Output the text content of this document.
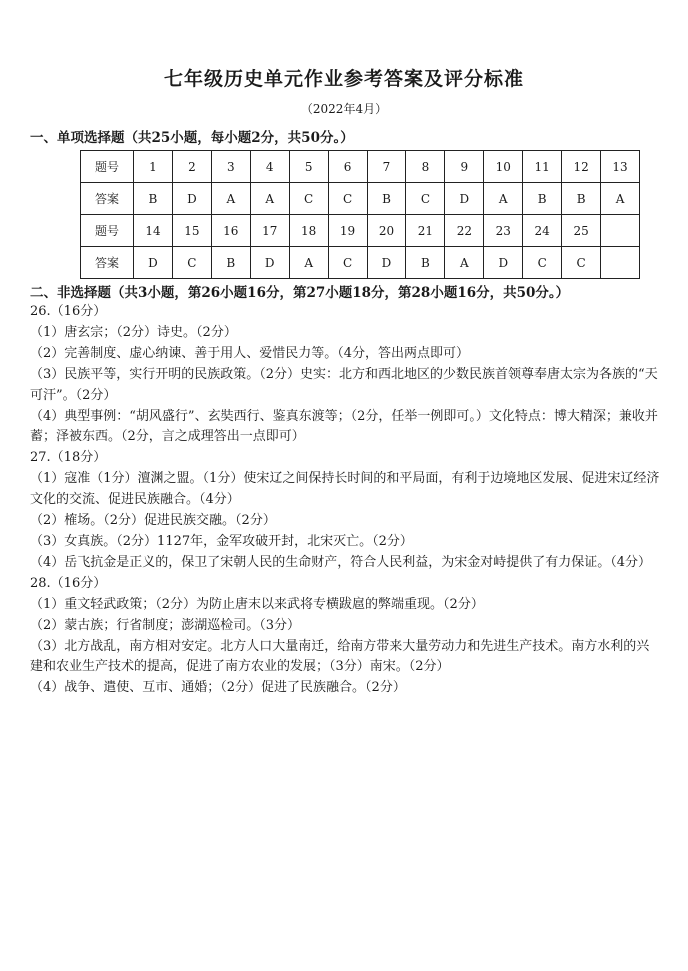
七年级历史单元作业参考答案及评分标准
（2022年4月）
一、单项选择题（共25小题，每小题2分，共50分。）
题号	1	2	3	4	5	6	7	8	9	10	11	12	13
答案	B	D	A	A	C	C	B	C	D	A	B	B	A
题号	14	15	16	17	18	19	20	21	22	23	24	25	
答案	D	C	B	D	A	C	D	B	A	D	C	C	
二、非选择题（共3小题，第26小题16分，第27小题18分，第28小题16分，共50分。）
26.（16分）
（1）唐玄宗；（2分）诗史。（2分）
（2）完善制度、虚心纳谏、善于用人、爱惜民力等。（4分，答出两点即可）
（3）民族平等，实行开明的民族政策。（2分）史实：北方和西北地区的少数民族首领尊奉唐太宗为各族的“天可汗”。（2分）
（4）典型事例：“胡风盛行”、玄奘西行、鉴真东渡等；（2分，任举一例即可。）文化特点：博大精深；兼收并蓄；泽被东西。（2分，言之成理答出一点即可）
27.（18分）
（1）寇准（1分）澶渊之盟。（1分）使宋辽之间保持长时间的和平局面，有利于边境地区发展、促进宋辽经济文化的交流、促进民族融合。（4分）
（2）榷场。（2分）促进民族交融。（2分）
（3）女真族。（2分）1127年，金军攻破开封，北宋灭亡。（2分）
（4）岳飞抗金是正义的，保卫了宋朝人民的生命财产，符合人民利益，为宋金对峙提供了有力保证。（4分）
28.（16分）
（1）重文轻武政策；（2分）为防止唐末以来武将专横跋扈的弊端重现。（2分）
（2）蒙古族；行省制度；澎湖巡检司。（3分）
（3）北方战乱，南方相对安定。北方人口大量南迁，给南方带来大量劳动力和先进生产技术。南方水利的兴建和农业生产技术的提高，促进了南方农业的发展；（3分）南宋。（2分）
（4）战争、遣使、互市、通婚；（2分）促进了民族融合。（2分）
